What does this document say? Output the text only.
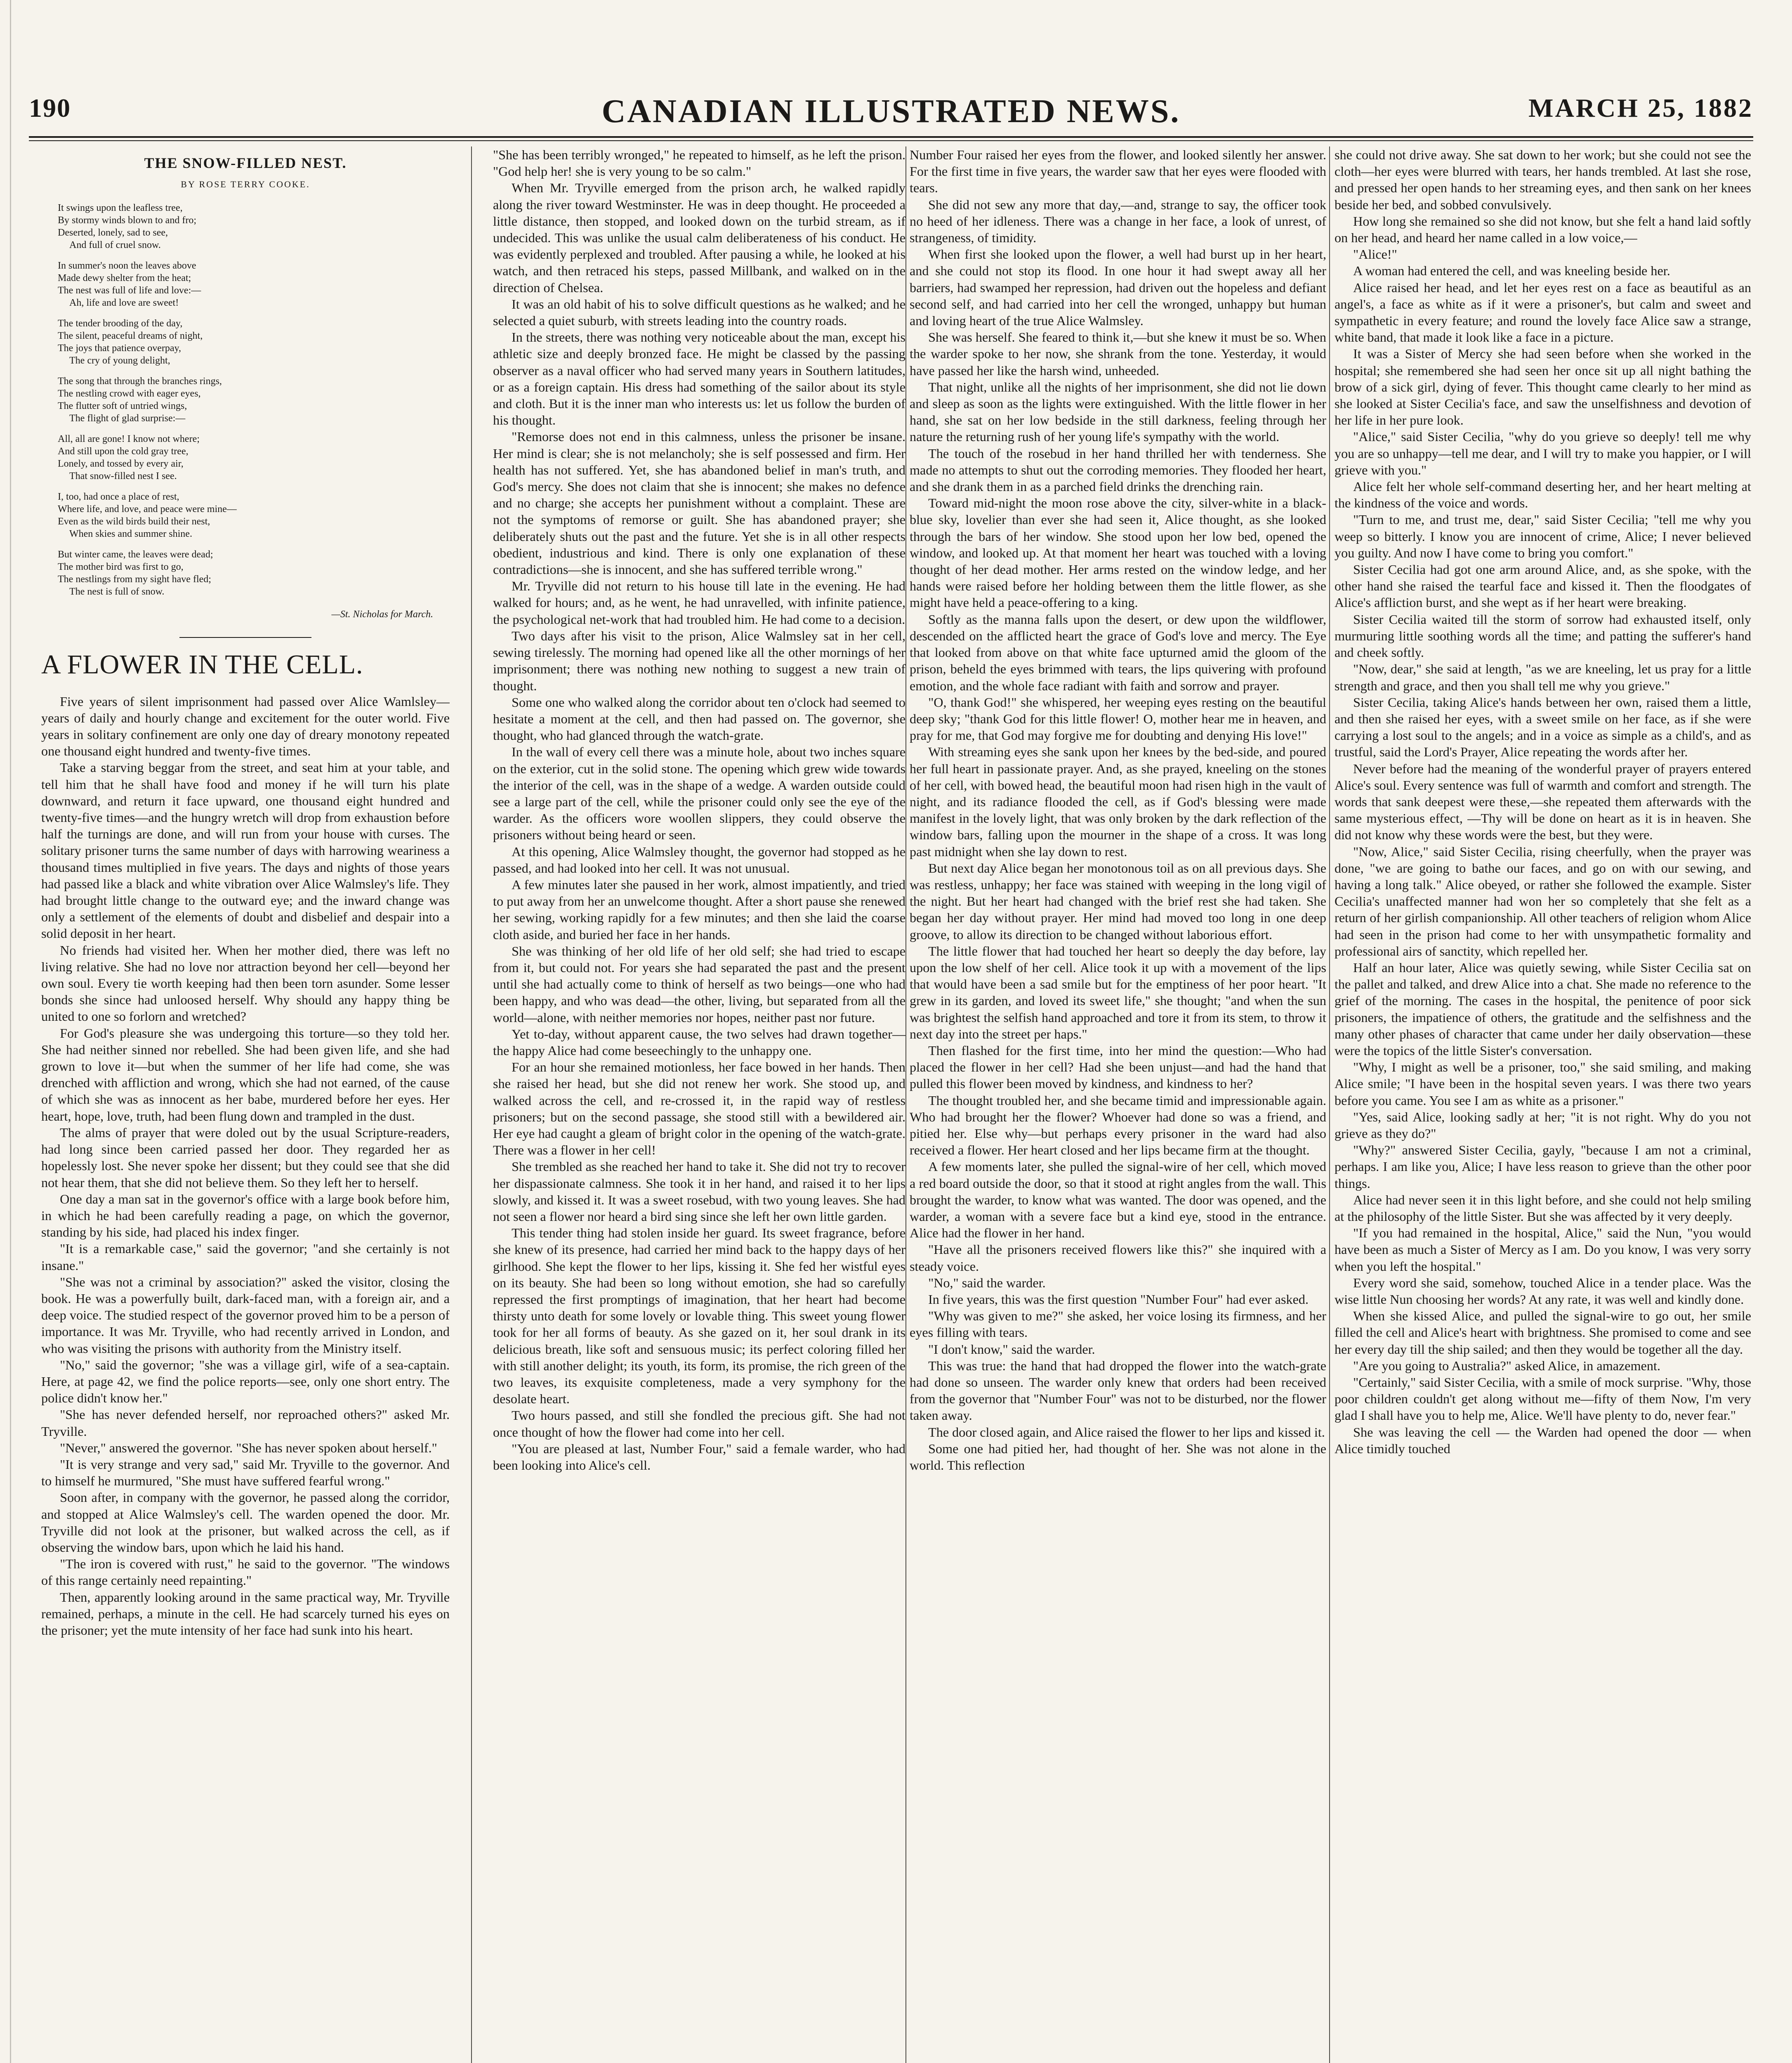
190	CANADIAN ILLUSTRATED NEWS.	MARCH 25, 1882
THE SNOW-FILLED NEST.
BY ROSE TERRY COOKE.
It swings upon the leafless tree,
By stormy winds blown to and fro;
Deserted, lonely, sad to see,
And full of cruel snow.
In summer's noon the leaves above
Made dewy shelter from the heat;
The nest was full of life and love:—
Ah, life and love are sweet!
The tender brooding of the day,
The silent, peaceful dreams of night,
The joys that patience overpay,
The cry of young delight,
The song that through the branches rings,
The nestling crowd with eager eyes,
The flutter soft of untried wings,
The flight of glad surprise:—
All, all are gone! I know not where;
And still upon the cold gray tree,
Lonely, and tossed by every air,
That snow-filled nest I see.
I, too, had once a place of rest,
Where life, and love, and peace were mine—
Even as the wild birds build their nest,
When skies and summer shine.
But winter came, the leaves were dead;
The mother bird was first to go,
The nestlings from my sight have fled;
The nest is full of snow.
—St. Nicholas for March.
A FLOWER IN THE CELL.

Five years of silent imprisonment had passed over Alice Wamlsley—years of daily and hourly change and excitement for the outer world. Five years in solitary confinement are only one day of dreary monotony repeated one thousand eight hundred and twenty-five times.

Take a starving beggar from the street, and seat him at your table, and tell him that he shall have food and money if he will turn his plate downward, and return it face upward, one thousand eight hundred and twenty-five times—and the hungry wretch will drop from exhaustion before half the turnings are done, and will run from your house with curses. The solitary prisoner turns the same number of days with harrowing weariness a thousand times multiplied in five years. The days and nights of those years had passed like a black and white vibration over Alice Walmsley's life. They had brought little change to the outward eye; and the inward change was only a settlement of the elements of doubt and disbelief and despair into a solid deposit in her heart.

No friends had visited her. When her mother died, there was left no living relative. She had no love nor attraction beyond her cell—beyond her own soul. Every tie worth keeping had then been torn asunder. Some lesser bonds she since had unloosed herself. Why should any happy thing be united to one so forlorn and wretched?

For God's pleasure she was undergoing this torture—so they told her. She had neither sinned nor rebelled. She had been given life, and she had grown to love it—but when the summer of her life had come, she was drenched with affliction and wrong, which she had not earned, of the cause of which she was as innocent as her babe, murdered before her eyes. Her heart, hope, love, truth, had been flung down and trampled in the dust.

The alms of prayer that were doled out by the usual Scripture-readers, had long since been carried passed her door. They regarded her as hopelessly lost. She never spoke her dissent; but they could see that she did not hear them, that she did not believe them. So they left her to herself.

One day a man sat in the governor's office with a large book before him, in which he had been carefully reading a page, on which the governor, standing by his side, had placed his index finger.

"It is a remarkable case," said the governor; "and she certainly is not insane."

"She was not a criminal by association?" asked the visitor, closing the book. He was a powerfully built, dark-faced man, with a foreign air, and a deep voice. The studied respect of the governor proved him to be a person of importance. It was Mr. Tryville, who had recently arrived in London, and who was visiting the prisons with authority from the Ministry itself.

"No," said the governor; "she was a village girl, wife of a sea-captain. Here, at page 42, we find the police reports—see, only one short entry. The police didn't know her."

"She has never defended herself, nor reproached others?" asked Mr. Tryville.

"Never," answered the governor. "She has never spoken about herself."

"It is very strange and very sad," said Mr. Tryville to the governor. And to himself he murmured, "She must have suffered fearful wrong."

Soon after, in company with the governor, he passed along the corridor, and stopped at Alice Walmsley's cell. The warden opened the door. Mr. Tryville did not look at the prisoner, but walked across the cell, as if observing the window bars, upon which he laid his hand.

"The iron is covered with rust," he said to the governor. "The windows of this range certainly need repainting."

Then, apparently looking around in the same practical way, Mr. Tryville remained, perhaps, a minute in the cell. He had scarcely turned his eyes on the prisoner; yet the mute intensity of her face had sunk into his heart.

"She has been terribly wronged," he repeated to himself, as he left the prison. "God help her! she is very young to be so calm."

When Mr. Tryville emerged from the prison arch, he walked rapidly along the river toward Westminster. He was in deep thought. He proceeded a little distance, then stopped, and looked down on the turbid stream, as if undecided. This was unlike the usual calm deliberateness of his conduct. He was evidently perplexed and troubled. After pausing a while, he looked at his watch, and then retraced his steps, passed Millbank, and walked on in the direction of Chelsea.

It was an old habit of his to solve difficult questions as he walked; and he selected a quiet suburb, with streets leading into the country roads.

In the streets, there was nothing very noticeable about the man, except his athletic size and deeply bronzed face. He might be classed by the passing observer as a naval officer who had served many years in Southern latitudes, or as a foreign captain. His dress had something of the sailor about its style and cloth. But it is the inner man who interests us: let us follow the burden of his thought.

"Remorse does not end in this calmness, unless the prisoner be insane. Her mind is clear; she is not melancholy; she is self possessed and firm. Her health has not suffered. Yet, she has abandoned belief in man's truth, and God's mercy. She does not claim that she is innocent; she makes no defence and no charge; she accepts her punishment without a complaint. These are not the symptoms of remorse or guilt. She has abandoned prayer; she deliberately shuts out the past and the future. Yet she is in all other respects obedient, industrious and kind. There is only one explanation of these contradictions—she is innocent, and she has suffered terrible wrong."

Mr. Tryville did not return to his house till late in the evening. He had walked for hours; and, as he went, he had unravelled, with infinite patience, the psychological net-work that had troubled him. He had come to a decision.

Two days after his visit to the prison, Alice Walmsley sat in her cell, sewing tirelessly. The morning had opened like all the other mornings of her imprisonment; there was nothing new nothing to suggest a new train of thought.

Some one who walked along the corridor about ten o'clock had seemed to hesitate a moment at the cell, and then had passed on. The governor, she thought, who had glanced through the watch-grate.

In the wall of every cell there was a minute hole, about two inches square on the exterior, cut in the solid stone. The opening which grew wide towards the interior of the cell, was in the shape of a wedge. A warden outside could see a large part of the cell, while the prisoner could only see the eye of the warder. As the officers wore woollen slippers, they could observe the prisoners without being heard or seen.

At this opening, Alice Walmsley thought, the governor had stopped as he passed, and had looked into her cell. It was not unusual.

A few minutes later she paused in her work, almost impatiently, and tried to put away from her an unwelcome thought. After a short pause she renewed her sewing, working rapidly for a few minutes; and then she laid the coarse cloth aside, and buried her face in her hands.

She was thinking of her old life of her old self; she had tried to escape from it, but could not. For years she had separated the past and the present until she had actually come to think of herself as two beings—one who had been happy, and who was dead—the other, living, but separated from all the world—alone, with neither memories nor hopes, neither past nor future.

Yet to-day, without apparent cause, the two selves had drawn together—the happy Alice had come beseechingly to the unhappy one.

For an hour she remained motionless, her face bowed in her hands. Then she raised her head, but she did not renew her work. She stood up, and walked across the cell, and re-crossed it, in the rapid way of restless prisoners; but on the second passage, she stood still with a bewildered air. Her eye had caught a gleam of bright color in the opening of the watch-grate. There was a flower in her cell!

She trembled as she reached her hand to take it. She did not try to recover her dispassionate calmness. She took it in her hand, and raised it to her lips slowly, and kissed it. It was a sweet rosebud, with two young leaves. She had not seen a flower nor heard a bird sing since she left her own little garden.

This tender thing had stolen inside her guard. Its sweet fragrance, before she knew of its presence, had carried her mind back to the happy days of her girlhood. She kept the flower to her lips, kissing it. She fed her wistful eyes on its beauty. She had been so long without emotion, she had so carefully repressed the first promptings of imagination, that her heart had become thirsty unto death for some lovely or lovable thing. This sweet young flower took for her all forms of beauty. As she gazed on it, her soul drank in its delicious breath, like soft and sensuous music; its perfect coloring filled her with still another delight; its youth, its form, its promise, the rich green of the two leaves, its exquisite completeness, made a very symphony for the desolate heart.

Two hours passed, and still she fondled the precious gift. She had not once thought of how the flower had come into her cell.

"You are pleased at last, Number Four," said a female warder, who had been looking into Alice's cell.

Number Four raised her eyes from the flower, and looked silently her answer. For the first time in five years, the warder saw that her eyes were flooded with tears.

She did not sew any more that day,—and, strange to say, the officer took no heed of her idleness. There was a change in her face, a look of unrest, of strangeness, of timidity.

When first she looked upon the flower, a well had burst up in her heart, and she could not stop its flood. In one hour it had swept away all her barriers, had swamped her repression, had driven out the hopeless and defiant second self, and had carried into her cell the wronged, unhappy but human and loving heart of the true Alice Walmsley.

She was herself. She feared to think it,—but she knew it must be so. When the warder spoke to her now, she shrank from the tone. Yesterday, it would have passed her like the harsh wind, unheeded.

That night, unlike all the nights of her imprisonment, she did not lie down and sleep as soon as the lights were extinguished. With the little flower in her hand, she sat on her low bedside in the still darkness, feeling through her nature the returning rush of her young life's sympathy with the world.

The touch of the rosebud in her hand thrilled her with tenderness. She made no attempts to shut out the corroding memories. They flooded her heart, and she drank them in as a parched field drinks the drenching rain.

Toward mid-night the moon rose above the city, silver-white in a black-blue sky, lovelier than ever she had seen it, Alice thought, as she looked through the bars of her window. She stood upon her low bed, opened the window, and looked up. At that moment her heart was touched with a loving thought of her dead mother. Her arms rested on the window ledge, and her hands were raised before her holding between them the little flower, as she might have held a peace-offering to a king.

Softly as the manna falls upon the desert, or dew upon the wildflower, descended on the afflicted heart the grace of God's love and mercy. The Eye that looked from above on that white face upturned amid the gloom of the prison, beheld the eyes brimmed with tears, the lips quivering with profound emotion, and the whole face radiant with faith and sorrow and prayer.

"O, thank God!" she whispered, her weeping eyes resting on the beautiful deep sky; "thank God for this little flower! O, mother hear me in heaven, and pray for me, that God may forgive me for doubting and denying His love!"

With streaming eyes she sank upon her knees by the bed-side, and poured her full heart in passionate prayer. And, as she prayed, kneeling on the stones of her cell, with bowed head, the beautiful moon had risen high in the vault of night, and its radiance flooded the cell, as if God's blessing were made manifest in the lovely light, that was only broken by the dark reflection of the window bars, falling upon the mourner in the shape of a cross. It was long past midnight when she lay down to rest.

But next day Alice began her monotonous toil as on all previous days. She was restless, unhappy; her face was stained with weeping in the long vigil of the night. But her heart had changed with the brief rest she had taken. She began her day without prayer. Her mind had moved too long in one deep groove, to allow its direction to be changed without laborious effort.

The little flower that had touched her heart so deeply the day before, lay upon the low shelf of her cell. Alice took it up with a movement of the lips that would have been a sad smile but for the emptiness of her poor heart. "It grew in its garden, and loved its sweet life," she thought; "and when the sun was brightest the selfish hand approached and tore it from its stem, to throw it next day into the street per haps."

Then flashed for the first time, into her mind the question:—Who had placed the flower in her cell? Had she been unjust—and had the hand that pulled this flower been moved by kindness, and kindness to her?

The thought troubled her, and she became timid and impressionable again. Who had brought her the flower? Whoever had done so was a friend, and pitied her. Else why—but perhaps every prisoner in the ward had also received a flower. Her heart closed and her lips became firm at the thought.

A few moments later, she pulled the signal-wire of her cell, which moved a red board outside the door, so that it stood at right angles from the wall. This brought the warder, to know what was wanted. The door was opened, and the warder, a woman with a severe face but a kind eye, stood in the entrance. Alice had the flower in her hand.

"Have all the prisoners received flowers like this?" she inquired with a steady voice.

"No," said the warder.

In five years, this was the first question "Number Four" had ever asked.

"Why was given to me?" she asked, her voice losing its firmness, and her eyes filling with tears.

"I don't know," said the warder.

This was true: the hand that had dropped the flower into the watch-grate had done so unseen. The warder only knew that orders had been received from the governor that "Number Four" was not to be disturbed, nor the flower taken away.

The door closed again, and Alice raised the flower to her lips and kissed it.

Some one had pitied her, had thought of her. She was not alone in the world. This reflection

she could not drive away. She sat down to her work; but she could not see the cloth—her eyes were blurred with tears, her hands trembled. At last she rose, and pressed her open hands to her streaming eyes, and then sank on her knees beside her bed, and sobbed convulsively.

How long she remained so she did not know, but she felt a hand laid softly on her head, and heard her name called in a low voice,—

"Alice!"

A woman had entered the cell, and was kneeling beside her.

Alice raised her head, and let her eyes rest on a face as beautiful as an angel's, a face as white as if it were a prisoner's, but calm and sweet and sympathetic in every feature; and round the lovely face Alice saw a strange, white band, that made it look like a face in a picture.

It was a Sister of Mercy she had seen before when she worked in the hospital; she remembered she had seen her once sit up all night bathing the brow of a sick girl, dying of fever. This thought came clearly to her mind as she looked at Sister Cecilia's face, and saw the unselfishness and devotion of her life in her pure look.

"Alice," said Sister Cecilia, "why do you grieve so deeply! tell me why you are so unhappy—tell me dear, and I will try to make you happier, or I will grieve with you."

Alice felt her whole self-command deserting her, and her heart melting at the kindness of the voice and words.

"Turn to me, and trust me, dear," said Sister Cecilia; "tell me why you weep so bitterly. I know you are innocent of crime, Alice; I never believed you guilty. And now I have come to bring you comfort."

Sister Cecilia had got one arm around Alice, and, as she spoke, with the other hand she raised the tearful face and kissed it. Then the floodgates of Alice's affliction burst, and she wept as if her heart were breaking.

Sister Cecilia waited till the storm of sorrow had exhausted itself, only murmuring little soothing words all the time; and patting the sufferer's hand and cheek softly.

"Now, dear," she said at length, "as we are kneeling, let us pray for a little strength and grace, and then you shall tell me why you grieve."

Sister Cecilia, taking Alice's hands between her own, raised them a little, and then she raised her eyes, with a sweet smile on her face, as if she were carrying a lost soul to the angels; and in a voice as simple as a child's, and as trustful, said the Lord's Prayer, Alice repeating the words after her.

Never before had the meaning of the wonderful prayer of prayers entered Alice's soul. Every sentence was full of warmth and comfort and strength. The words that sank deepest were these,—she repeated them afterwards with the same mysterious effect, —Thy will be done on heart as it is in heaven. She did not know why these words were the best, but they were.

"Now, Alice," said Sister Cecilia, rising cheerfully, when the prayer was done, "we are going to bathe our faces, and go on with our sewing, and having a long talk." Alice obeyed, or rather she followed the example. Sister Cecilia's unaffected manner had won her so completely that she felt as a return of her girlish companionship. All other teachers of religion whom Alice had seen in the prison had come to her with unsympathetic formality and professional airs of sanctity, which repelled her.

Half an hour later, Alice was quietly sewing, while Sister Cecilia sat on the pallet and talked, and drew Alice into a chat. She made no reference to the grief of the morning. The cases in the hospital, the penitence of poor sick prisoners, the impatience of others, the gratitude and the selfishness and the many other phases of character that came under her daily observation—these were the topics of the little Sister's conversation.

"Why, I might as well be a prisoner, too," she said smiling, and making Alice smile; "I have been in the hospital seven years. I was there two years before you came. You see I am as white as a prisoner."

"Yes, said Alice, looking sadly at her; "it is not right. Why do you not grieve as they do?"

"Why?" answered Sister Cecilia, gayly, "because I am not a criminal, perhaps. I am like you, Alice; I have less reason to grieve than the other poor things.

Alice had never seen it in this light before, and she could not help smiling at the philosophy of the little Sister. But she was affected by it very deeply.

"If you had remained in the hospital, Alice," said the Nun, "you would have been as much a Sister of Mercy as I am. Do you know, I was very sorry when you left the hospital."

Every word she said, somehow, touched Alice in a tender place. Was the wise little Nun choosing her words? At any rate, it was well and kindly done.

When she kissed Alice, and pulled the signal-wire to go out, her smile filled the cell and Alice's heart with brightness. She promised to come and see her every day till the ship sailed; and then they would be together all the day.

"Are you going to Australia?" asked Alice, in amazement.

"Certainly," said Sister Cecilia, with a smile of mock surprise. "Why, those poor children couldn't get along without me—fifty of them Now, I'm very glad I shall have you to help me, Alice. We'll have plenty to do, never fear."

She was leaving the cell — the Warden had opened the door — when Alice timidly touched
